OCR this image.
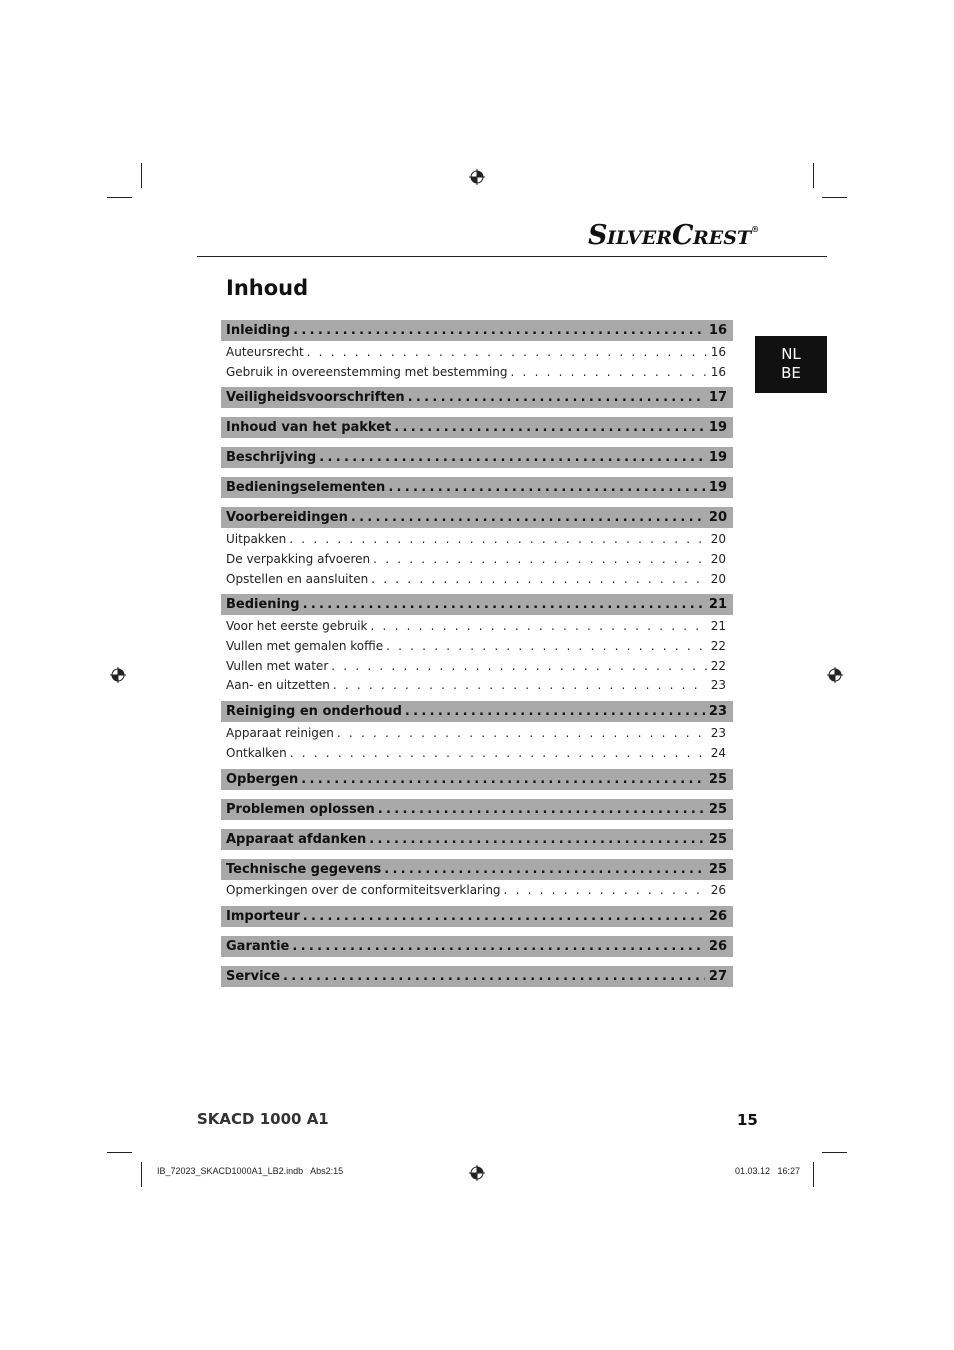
SILVERCREST®
Inhoud
NL
BE
Inleiding .....	16
Auteursrecht . . .	16
Gebruik in overeenstemming met bestemming . . .	16
Veiligheidsvoorschriften .....	17
Inhoud van het pakket .....	19
Beschrijving .....	19
Bedieningselementen .....	19
Voorbereidingen .....	20
Uitpakken . . .	20
De verpakking afvoeren . . .	20
Opstellen en aansluiten . . .	20
Bediening .....	21
Voor het eerste gebruik . . .	21
Vullen met gemalen koffie . . .	22
Vullen met water . . .	22
Aan- en uitzetten . . .	23
Reiniging en onderhoud .....	23
Apparaat reinigen . . .	23
Ontkalken . . .	24
Opbergen .....	25
Problemen oplossen .....	25
Apparaat afdanken .....	25
Technische gegevens .....	25
Opmerkingen over de conformiteitsverklaring . . .	26
Importeur .....	26
Garantie .....	26
Service .....	27
SKACD 1000 A1	15
IB_72023_SKACD1000A1_LB2.indb   Abs2:15	01.03.12   16:27
